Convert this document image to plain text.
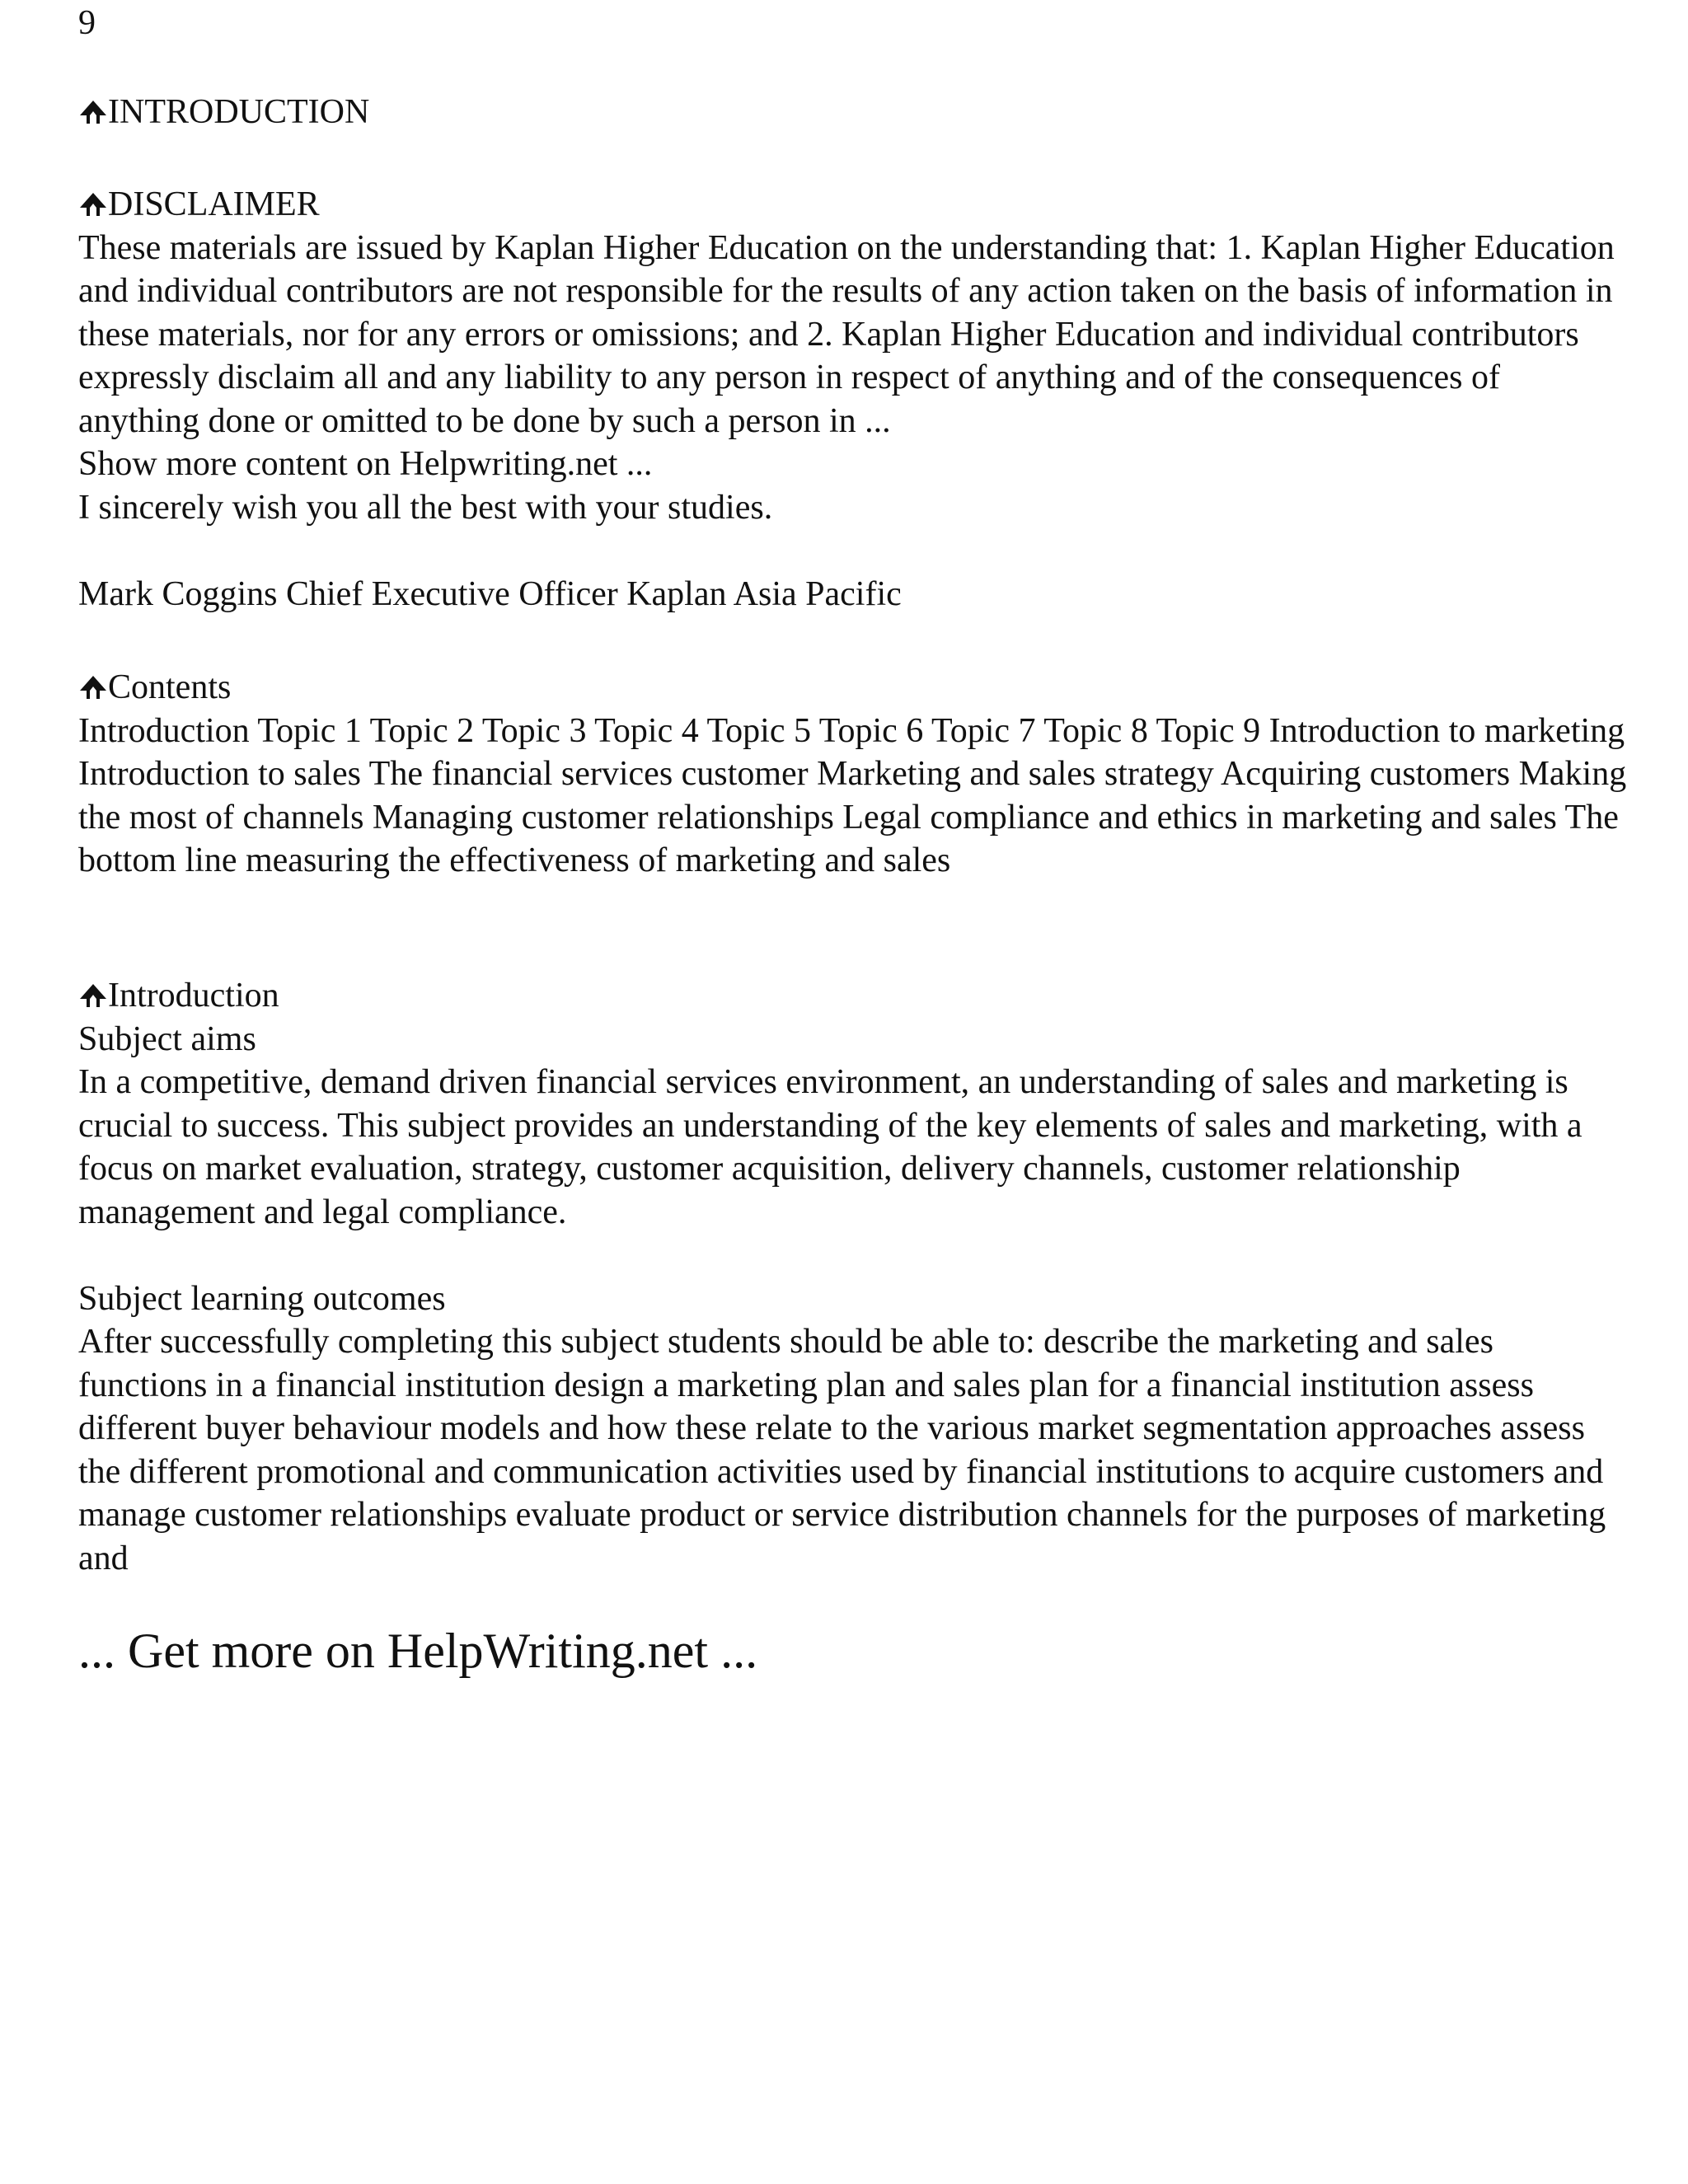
9
INTRODUCTION
DISCLAIMER

These materials are issued by Kaplan Higher Education on the understanding that: 1. Kaplan Higher Education and individual contributors are not responsible for the results of any action taken on the basis of information in these materials, nor for any errors or omissions; and 2. Kaplan Higher Education and individual contributors expressly disclaim all and any liability to any person in respect of anything and of the consequences of anything done or omitted to be done by such a person in ...

Show more content on Helpwriting.net ...

I sincerely wish you all the best with your studies.

Mark Coggins Chief Executive Officer Kaplan Asia Pacific

Contents

Introduction Topic 1 Topic 2 Topic 3 Topic 4 Topic 5 Topic 6 Topic 7 Topic 8 Topic 9 Introduction to marketing Introduction to sales The financial services customer Marketing and sales strategy Acquiring customers Making the most of channels Managing customer relationships Legal compliance and ethics in marketing and sales The bottom line measuring the effectiveness of marketing and sales

Introduction

Subject aims

In a competitive, demand driven financial services environment, an understanding of sales and marketing is crucial to success. This subject provides an understanding of the key elements of sales and marketing, with a focus on market evaluation, strategy, customer acquisition, delivery channels, customer relationship management and legal compliance.

Subject learning outcomes

After successfully completing this subject students should be able to: describe the marketing and sales functions in a financial institution design a marketing plan and sales plan for a financial institution assess different buyer behaviour models and how these relate to the various market segmentation approaches assess the different promotional and communication activities used by financial institutions to acquire customers and manage customer relationships evaluate product or service distribution channels for the purposes of marketing and

... Get more on HelpWriting.net ...
